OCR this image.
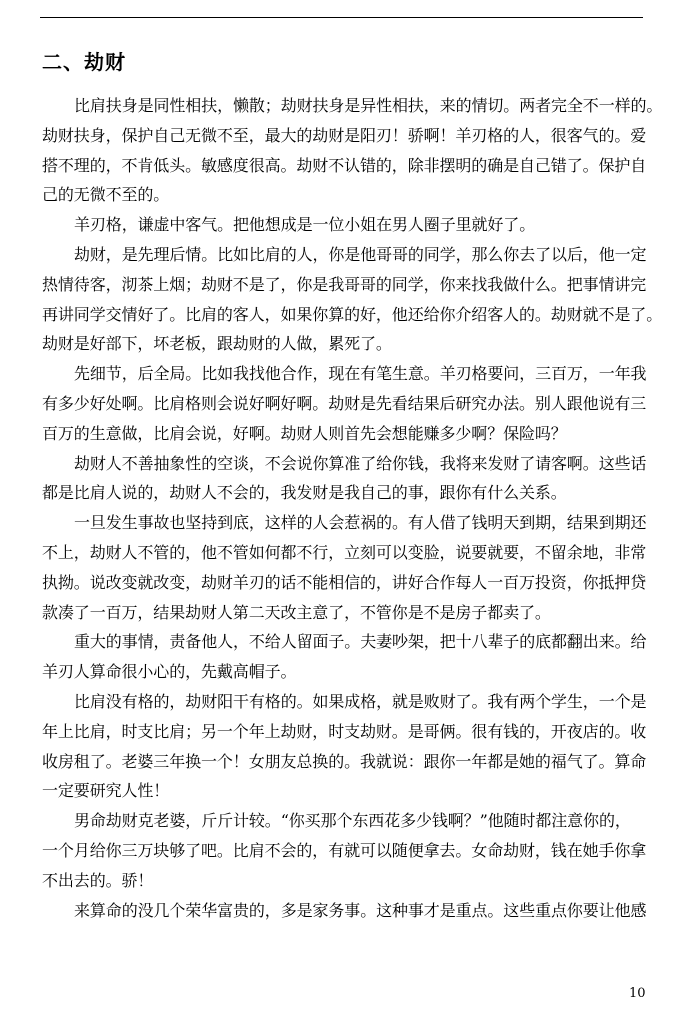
二、劫财
比肩扶身是同性相扶，懒散；劫财扶身是异性相扶，来的情切。两者完全不一样的。
劫财扶身，保护自己无微不至，最大的劫财是阳刃！骄啊！羊刃格的人，很客气的。爱
搭不理的，不肯低头。敏感度很高。劫财不认错的，除非摆明的确是自己错了。保护自
己的无微不至的。
羊刃格，谦虚中客气。把他想成是一位小姐在男人圈子里就好了。
劫财，是先理后情。比如比肩的人，你是他哥哥的同学，那么你去了以后，他一定
热情待客，沏茶上烟；劫财不是了，你是我哥哥的同学，你来找我做什么。把事情讲完
再讲同学交情好了。比肩的客人，如果你算的好，他还给你介绍客人的。劫财就不是了。
劫财是好部下，坏老板，跟劫财的人做，累死了。
先细节，后全局。比如我找他合作，现在有笔生意。羊刃格要问，三百万，一年我
有多少好处啊。比肩格则会说好啊好啊。劫财是先看结果后研究办法。别人跟他说有三
百万的生意做，比肩会说，好啊。劫财人则首先会想能赚多少啊？保险吗？
劫财人不善抽象性的空谈，不会说你算准了给你钱，我将来发财了请客啊。这些话
都是比肩人说的，劫财人不会的，我发财是我自己的事，跟你有什么关系。
一旦发生事故也坚持到底，这样的人会惹祸的。有人借了钱明天到期，结果到期还
不上，劫财人不管的，他不管如何都不行，立刻可以变脸，说要就要，不留余地，非常
执拗。说改变就改变，劫财羊刃的话不能相信的，讲好合作每人一百万投资，你抵押贷
款凑了一百万，结果劫财人第二天改主意了，不管你是不是房子都卖了。
重大的事情，责备他人，不给人留面子。夫妻吵架，把十八辈子的底都翻出来。给
羊刃人算命很小心的，先戴高帽子。
比肩没有格的，劫财阳干有格的。如果成格，就是败财了。我有两个学生，一个是
年上比肩，时支比肩；另一个年上劫财，时支劫财。是哥俩。很有钱的，开夜店的。收
收房租了。老婆三年换一个！女朋友总换的。我就说：跟你一年都是她的福气了。算命
一定要研究人性！
男命劫财克老婆，斤斤计较。“你买那个东西花多少钱啊？”他随时都注意你的，
一个月给你三万块够了吧。比肩不会的，有就可以随便拿去。女命劫财，钱在她手你拿
不出去的。骄！
来算命的没几个荣华富贵的，多是家务事。这种事才是重点。这些重点你要让他感
10
